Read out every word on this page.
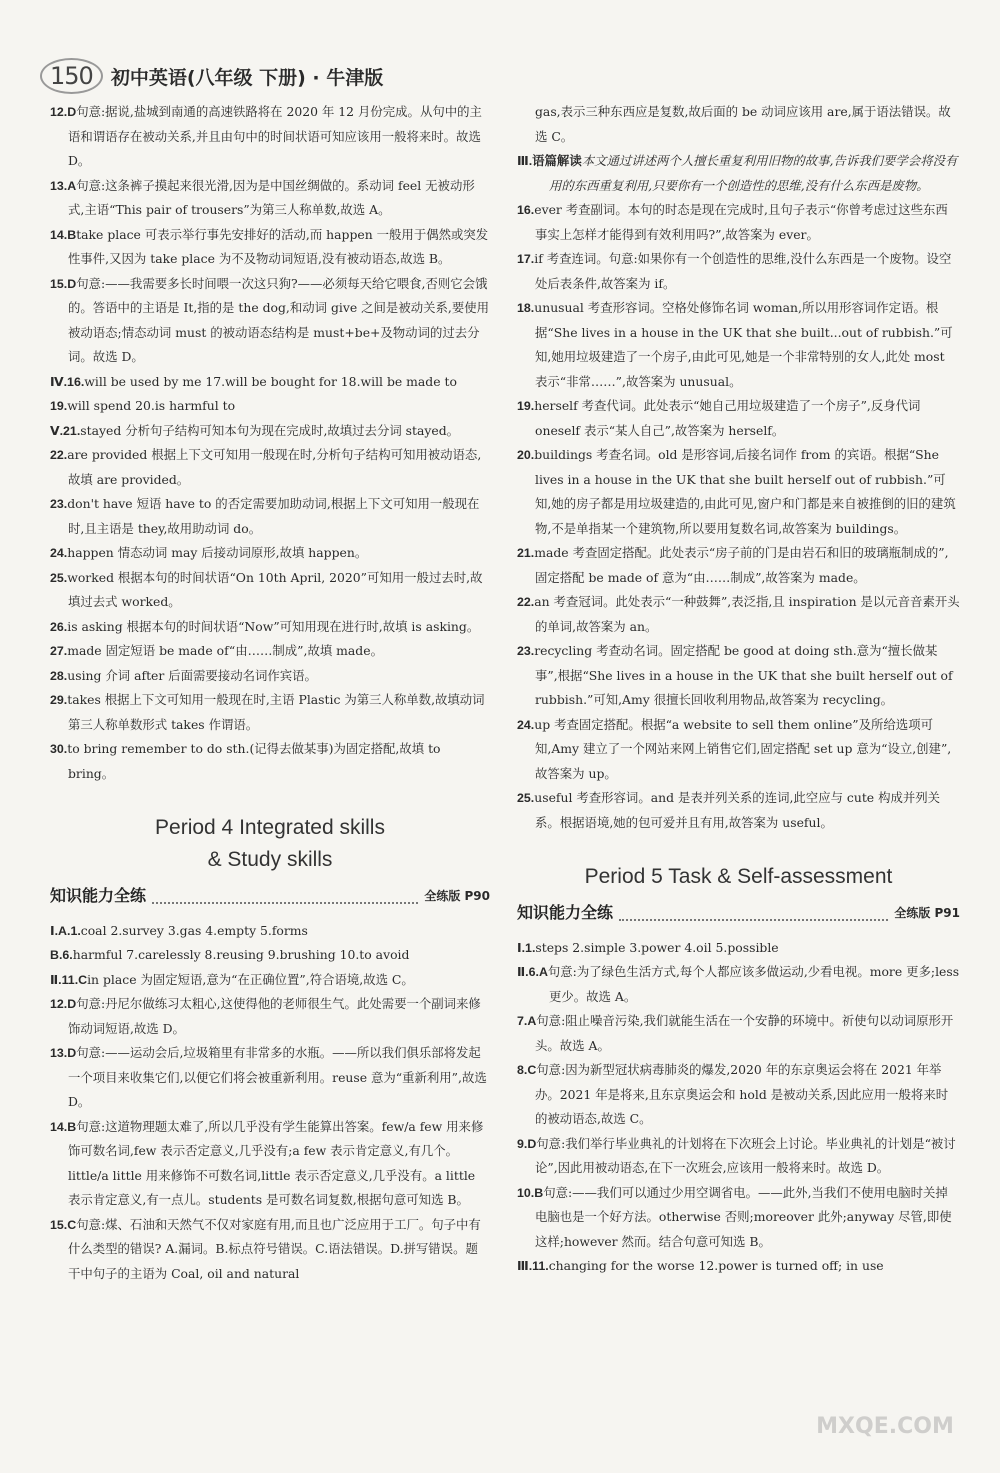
150 初中英语(八年级 下册) · 牛津版

12.D句意:据说,盐城到南通的高速铁路将在 2020 年 12 月份完成。从句中的主语和谓语存在被动关系,并且由句中的时间状语可知应该用一般将来时。故选 D。

13.A句意:这条裤子摸起来很光滑,因为是中国丝绸做的。系动词 feel 无被动形式,主语“This pair of trousers”为第三人称单数,故选 A。

14.Btake place 可表示举行事先安排好的活动,而 happen 一般用于偶然或突发性事件,又因为 take place 为不及物动词短语,没有被动语态,故选 B。

15.D句意:——我需要多长时间喂一次这只狗?——必须每天给它喂食,否则它会饿的。答语中的主语是 It,指的是 the dog,和动词 give 之间是被动关系,要使用被动语态;情态动词 must 的被动语态结构是 must+be+及物动词的过去分词。故选 D。

Ⅳ.16.will be used by me 17.will be bought for 18.will be made to

19.will spend 20.is harmful to

Ⅴ.21.stayed 分析句子结构可知本句为现在完成时,故填过去分词 stayed。

22.are provided 根据上下文可知用一般现在时,分析句子结构可知用被动语态,故填 are provided。

23.don't have 短语 have to 的否定需要加助动词,根据上下文可知用一般现在时,且主语是 they,故用助动词 do。

24.happen 情态动词 may 后接动词原形,故填 happen。

25.worked 根据本句的时间状语“On 10th April, 2020”可知用一般过去时,故填过去式 worked。

26.is asking 根据本句的时间状语“Now”可知用现在进行时,故填 is asking。

27.made 固定短语 be made of“由……制成”,故填 made。

28.using 介词 after 后面需要接动名词作宾语。

29.takes 根据上下文可知用一般现在时,主语 Plastic 为第三人称单数,故填动词第三人称单数形式 takes 作谓语。

30.to bring remember to do sth.(记得去做某事)为固定搭配,故填 to bring。

Period 4 Integrated skills
& Study skills
知识能力全练	全练版 P90

Ⅰ.A.1.coal 2.survey 3.gas 4.empty 5.forms

B.6.harmful 7.carelessly 8.reusing 9.brushing 10.to avoid

Ⅱ.11.Cin place 为固定短语,意为“在正确位置”,符合语境,故选 C。

12.D句意:丹尼尔做练习太粗心,这使得他的老师很生气。此处需要一个副词来修饰动词短语,故选 D。

13.D句意:——运动会后,垃圾箱里有非常多的水瓶。——所以我们俱乐部将发起一个项目来收集它们,以便它们将会被重新利用。reuse 意为“重新利用”,故选 D。

14.B句意:这道物理题太难了,所以几乎没有学生能算出答案。few/a few 用来修饰可数名词,few 表示否定意义,几乎没有;a few 表示肯定意义,有几个。little/a little 用来修饰不可数名词,little 表示否定意义,几乎没有。a little 表示肯定意义,有一点儿。students 是可数名词复数,根据句意可知选 B。

15.C句意:煤、石油和天然气不仅对家庭有用,而且也广泛应用于工厂。句子中有什么类型的错误? A.漏词。B.标点符号错误。C.语法错误。D.拼写错误。题干中句子的主语为 Coal, oil and natural

gas,表示三种东西应是复数,故后面的 be 动词应该用 are,属于语法错误。故选 C。

Ⅲ.语篇解读本文通过讲述两个人擅长重复利用旧物的故事,告诉我们要学会将没有用的东西重复利用,只要你有一个创造性的思维,没有什么东西是废物。

16.ever 考查副词。本句的时态是现在完成时,且句子表示“你曾考虑过这些东西事实上怎样才能得到有效利用吗?”,故答案为 ever。

17.if 考查连词。句意:如果你有一个创造性的思维,没什么东西是一个废物。设空处后表条件,故答案为 if。

18.unusual 考查形容词。空格处修饰名词 woman,所以用形容词作定语。根据“She lives in a house in the UK that she built...out of rubbish.”可知,她用垃圾建造了一个房子,由此可见,她是一个非常特别的女人,此处 most 表示“非常……”,故答案为 unusual。

19.herself 考查代词。此处表示“她自己用垃圾建造了一个房子”,反身代词 oneself 表示“某人自己”,故答案为 herself。

20.buildings 考查名词。old 是形容词,后接名词作 from 的宾语。根据“She lives in a house in the UK that she built herself out of rubbish.”可知,她的房子都是用垃圾建造的,由此可见,窗户和门都是来自被推倒的旧的建筑物,不是单指某一个建筑物,所以要用复数名词,故答案为 buildings。

21.made 考查固定搭配。此处表示“房子前的门是由岩石和旧的玻璃瓶制成的”,固定搭配 be made of 意为“由……制成”,故答案为 made。

22.an 考查冠词。此处表示“一种鼓舞”,表泛指,且 inspiration 是以元音音素开头的单词,故答案为 an。

23.recycling 考查动名词。固定搭配 be good at doing sth.意为“擅长做某事”,根据“She lives in a house in the UK that she built herself out of rubbish.”可知,Amy 很擅长回收利用物品,故答案为 recycling。

24.up 考查固定搭配。根据“a website to sell them online”及所给选项可知,Amy 建立了一个网站来网上销售它们,固定搭配 set up 意为“设立,创建”,故答案为 up。

25.useful 考查形容词。and 是表并列关系的连词,此空应与 cute 构成并列关系。根据语境,她的包可爱并且有用,故答案为 useful。

Period 5 Task & Self-assessment
知识能力全练	全练版 P91

Ⅰ.1.steps 2.simple 3.power 4.oil 5.possible

Ⅱ.6.A句意:为了绿色生活方式,每个人都应该多做运动,少看电视。more 更多;less 更少。故选 A。

7.A句意:阻止噪音污染,我们就能生活在一个安静的环境中。祈使句以动词原形开头。故选 A。

8.C句意:因为新型冠状病毒肺炎的爆发,2020 年的东京奥运会将在 2021 年举办。2021 年是将来,且东京奥运会和 hold 是被动关系,因此应用一般将来时的被动语态,故选 C。

9.D句意:我们举行毕业典礼的计划将在下次班会上讨论。毕业典礼的计划是“被讨论”,因此用被动语态,在下一次班会,应该用一般将来时。故选 D。

10.B句意:——我们可以通过少用空调省电。——此外,当我们不使用电脑时关掉电脑也是一个好方法。otherwise 否则;moreover 此外;anyway 尽管,即使这样;however 然而。结合句意可知选 B。

Ⅲ.11.changing for the worse 12.power is turned off; in use

MXQE.COM
